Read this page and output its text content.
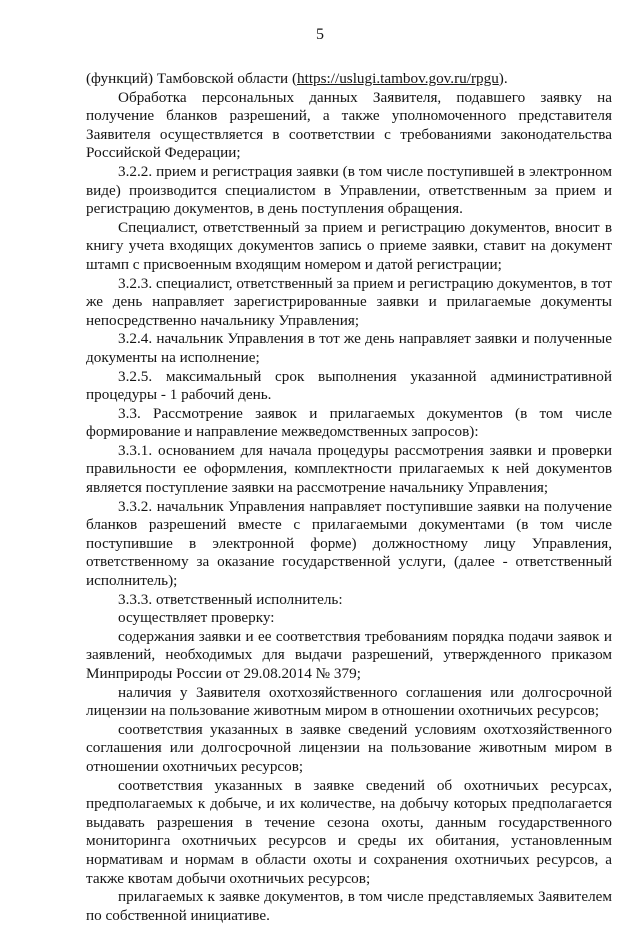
5

(функций) Тамбовской области (https://uslugi.tambov.gov.ru/rpgu).

Обработка персональных данных Заявителя, подавшего заявку на получение бланков разрешений, а также уполномоченного представителя Заявителя осуществляется в соответствии с требованиями законодательства Российской Федерации;

3.2.2. прием и регистрация заявки (в том числе поступившей в электронном виде) производится специалистом в Управлении, ответственным за прием и регистрацию документов, в день поступления обращения.

Специалист, ответственный за прием и регистрацию документов, вносит в книгу учета входящих документов запись о приеме заявки, ставит на документ штамп с присвоенным входящим номером и датой регистрации;

3.2.3. специалист, ответственный за прием и регистрацию документов, в тот же день направляет зарегистрированные заявки и прилагаемые документы непосредственно начальнику Управления;

3.2.4. начальник Управления в тот же день направляет заявки и полученные документы на исполнение;

3.2.5. максимальный срок выполнения указанной административной процедуры - 1 рабочий день.

3.3. Рассмотрение заявок и прилагаемых документов (в том числе формирование и направление межведомственных запросов):

3.3.1. основанием для начала процедуры рассмотрения заявки и проверки правильности ее оформления, комплектности прилагаемых к ней документов является поступление заявки на рассмотрение начальнику Управления;

3.3.2. начальник Управления направляет поступившие заявки на получение бланков разрешений вместе с прилагаемыми документами (в том числе поступившие в электронной форме) должностному лицу Управления, ответственному за оказание государственной услуги, (далее - ответственный исполнитель);

3.3.3. ответственный исполнитель:

осуществляет проверку:

содержания заявки и ее соответствия требованиям порядка подачи заявок и заявлений, необходимых для выдачи разрешений, утвержденного приказом Минприроды России от 29.08.2014 № 379;

наличия у Заявителя охотхозяйственного соглашения или долгосрочной лицензии на пользование животным миром в отношении охотничьих ресурсов;

соответствия указанных в заявке сведений условиям охотхозяйственного соглашения или долгосрочной лицензии на пользование животным миром в отношении охотничьих ресурсов;

соответствия указанных в заявке сведений об охотничьих ресурсах, предполагаемых к добыче, и их количестве, на добычу которых предполагается выдавать разрешения в течение сезона охоты, данным государственного мониторинга охотничьих ресурсов и среды их обитания, установленным нормативам и нормам в области охоты и сохранения охотничьих ресурсов, а также квотам добычи охотничьих ресурсов;

прилагаемых к заявке документов, в том числе представляемых Заявителем по собственной инициативе.
